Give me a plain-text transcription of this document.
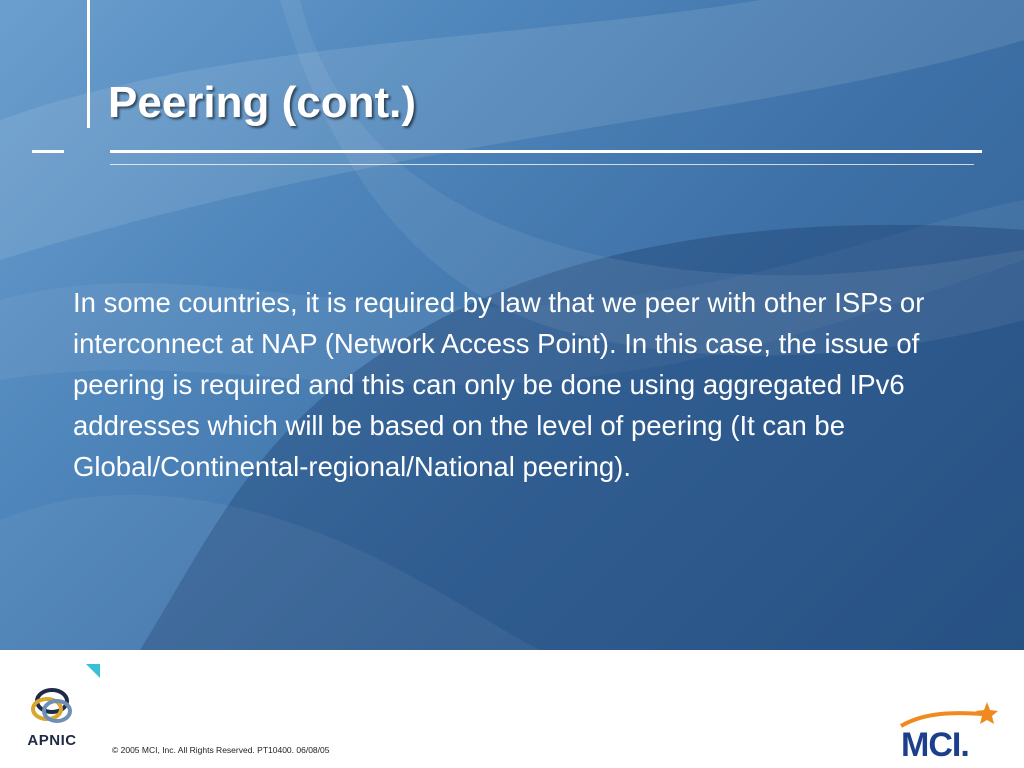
Peering (cont.)
In some countries, it is required by law that we peer with other ISPs or interconnect at NAP (Network Access Point). In this case, the issue of peering is required and this can only be done using aggregated IPv6 addresses which will be based on the level of peering (It can be Global/Continental-regional/National peering).
APNIC
© 2005 MCI, Inc. All Rights Reserved. PT10400. 06/08/05	MCI.
